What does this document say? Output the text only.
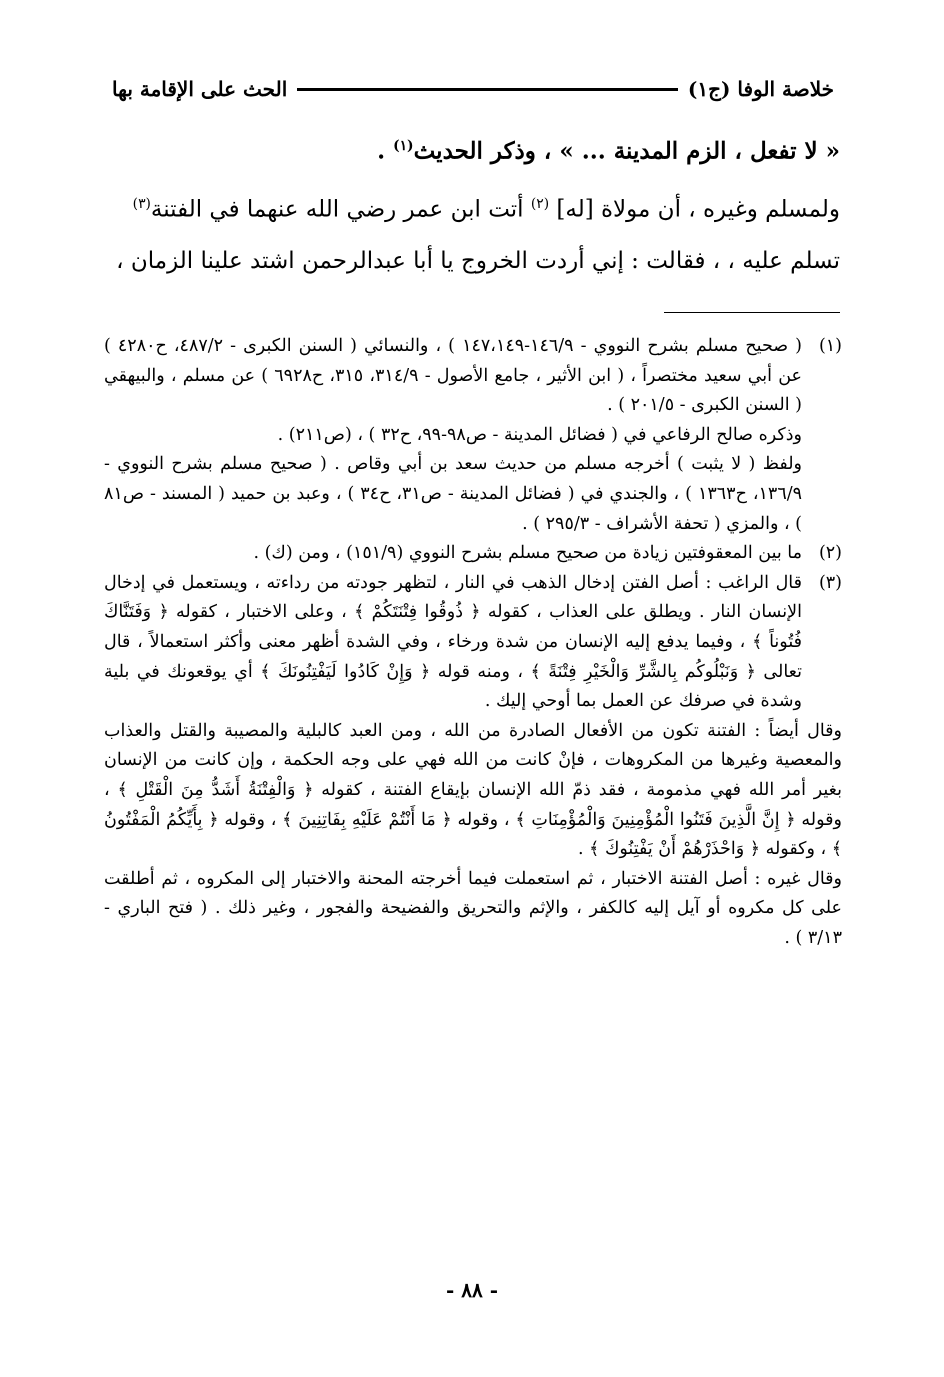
خلاصة الوفا (ج١)
الحث على الإقامة بها

« لا تفعل ، الزم المدينة ... » ، وذكر الحديث$^{(١)}$ .

ولمسلم وغيره ، أن مولاة [له] $^{(٢)}$ أتت ابن عمر رضي الله عنهما في الفتنة$^{(٣)}$

تسلم عليه ، ، فقالت : إني أردت الخروج يا أبا عبدالرحمن اشتد علينا الزمان ،

(١)

( صحيح مسلم بشرح النووي - ١٤٦/٩-١٤٧،١٤٩ ) ، والنسائي ( السنن الكبرى - ٤٨٧/٢، ح٤٢٨٠ ) عن أبي سعيد مختصراً ، ( ابن الأثير ، جامع الأصول - ٣١٤/٩، ٣١٥، ح٦٩٢٨ ) عن مسلم ، والبيهقي ( السنن الكبرى - ٢٠١/٥ ) .

وذكره صالح الرفاعي في ( فضائل المدينة - ص٩٨-٩٩، ح٣٢ ) ، (ص٢١١) .

ولفظ ( لا يثبت ) أخرجه مسلم من حديث سعد بن أبي وقاص . ( صحيح مسلم بشرح النووي - ١٣٦/٩، ح١٣٦٣ ) ، والجندي في ( فضائل المدينة - ص٣١، ح٣٤ ) ، وعبد بن حميد ( المسند - ص٨١ ) ، والمزي ( تحفة الأشراف - ٢٩٥/٣ ) .

(٢)

ما بين المعقوفتين زيادة من صحيح مسلم بشرح النووي (١٥١/٩) ، ومن (ك) .

(٣)

قال الراغب : أصل الفتن إدخال الذهب في النار ، لتظهر جودته من رداءته ، ويستعمل في إدخال الإنسان النار . ويطلق على العذاب ، كقوله ﴿ ذُوقُوا فِتْنَتَكُمْ ﴾ ، وعلى الاختبار ، كقوله ﴿ وَفَتَنَّاكَ فُتُوناً ﴾ ، وفيما يدفع إليه الإنسان من شدة ورخاء ، وفي الشدة أظهر معنى وأكثر استعمالاً ، قال تعالى ﴿ وَنَبْلُوكُم بِالشَّرِّ وَالْخَيْرِ فِتْنَةً ﴾ ، ومنه قوله ﴿ وَإِنْ كَادُوا لَيَفْتِنُونَكَ ﴾ أي يوقعونك في بلية وشدة في صرفك عن العمل بما أوحي إليك .

وقال أيضاً : الفتنة تكون من الأفعال الصادرة من الله ، ومن العبد كالبلية والمصيبة والقتل والعذاب والمعصية وغيرها من المكروهات ، فإنْ كانت من الله فهي على وجه الحكمة ، وإن كانت من الإنسان بغير أمر الله فهي مذمومة ، فقد ذمّ الله الإنسان بإيقاع الفتنة ، كقوله ﴿ وَالْفِتْنَةُ أَشَدُّ مِنَ الْقَتْلِ ﴾ ، وقوله ﴿ إِنَّ الَّذِينَ فَتَنُوا الْمُؤْمِنِينَ وَالْمُؤْمِنَاتِ ﴾ ، وقوله ﴿ مَا أَنْتُمْ عَلَيْهِ بِفَاتِنِينَ ﴾ ، وقوله ﴿ بِأَيِّكُمُ الْمَفْتُونُ ﴾ ، وكقوله ﴿ وَاحْذَرْهُمْ أَنْ يَفْتِنُوكَ ﴾ .

وقال غيره : أصل الفتنة الاختبار ، ثم استعملت فيما أخرجته المحنة والاختبار إلى المكروه ، ثم أطلقت على كل مكروه أو آيل إليه كالكفر ، والإثم والتحريق والفضيحة والفجور ، وغير ذلك . ( فتح الباري - ٣/١٣ ) .

- ٨٨ -
